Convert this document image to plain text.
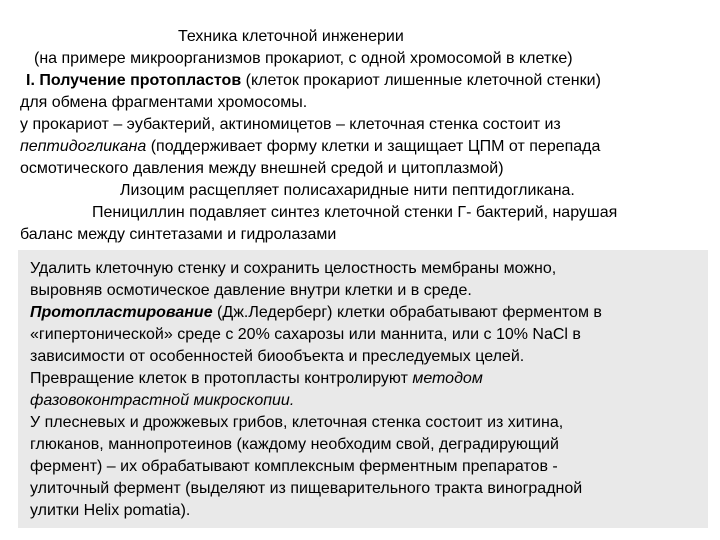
Техника клеточной инженерии
(на примере микроорганизмов прокариот, с одной хромосомой в клетке)
I. Получение протопластов (клеток прокариот лишенные клеточной стенки)
для обмена фрагментами хромосомы.
у прокариот – эубактерий, актиномицетов – клеточная стенка состоит из
пептидогликана (поддерживает форму клетки и защищает ЦПМ от перепада
осмотического давления между внешней средой и цитоплазмой)
Лизоцим расщепляет полисахаридные нити пептидогликана.
Пенициллин подавляет синтез клеточной стенки Г- бактерий, нарушая
баланс между синтетазами и гидролазами
Удалить клеточную стенку и сохранить целостность мембраны можно,
выровняв осмотическое давление внутри клетки и в среде.
Протопластирование (Дж.Ледерберг) клетки обрабатывают ферментом в
«гипертонической» среде с 20% сахарозы или маннита, или с 10% NaCl в
зависимости от особенностей биообъекта и преследуемых целей.
Превращение клеток в протопласты контролируют методом
фазовоконтрастной микроскопии.
У плесневых и дрожжевых грибов, клеточная стенка состоит из хитина,
глюканов, маннопротеинов (каждому необходим свой, деградирующий
фермент) – их обрабатывают комплексным ферментным препаратов -
улиточный фермент (выделяют из пищеварительного тракта виноградной
улитки Helix pomatia).
